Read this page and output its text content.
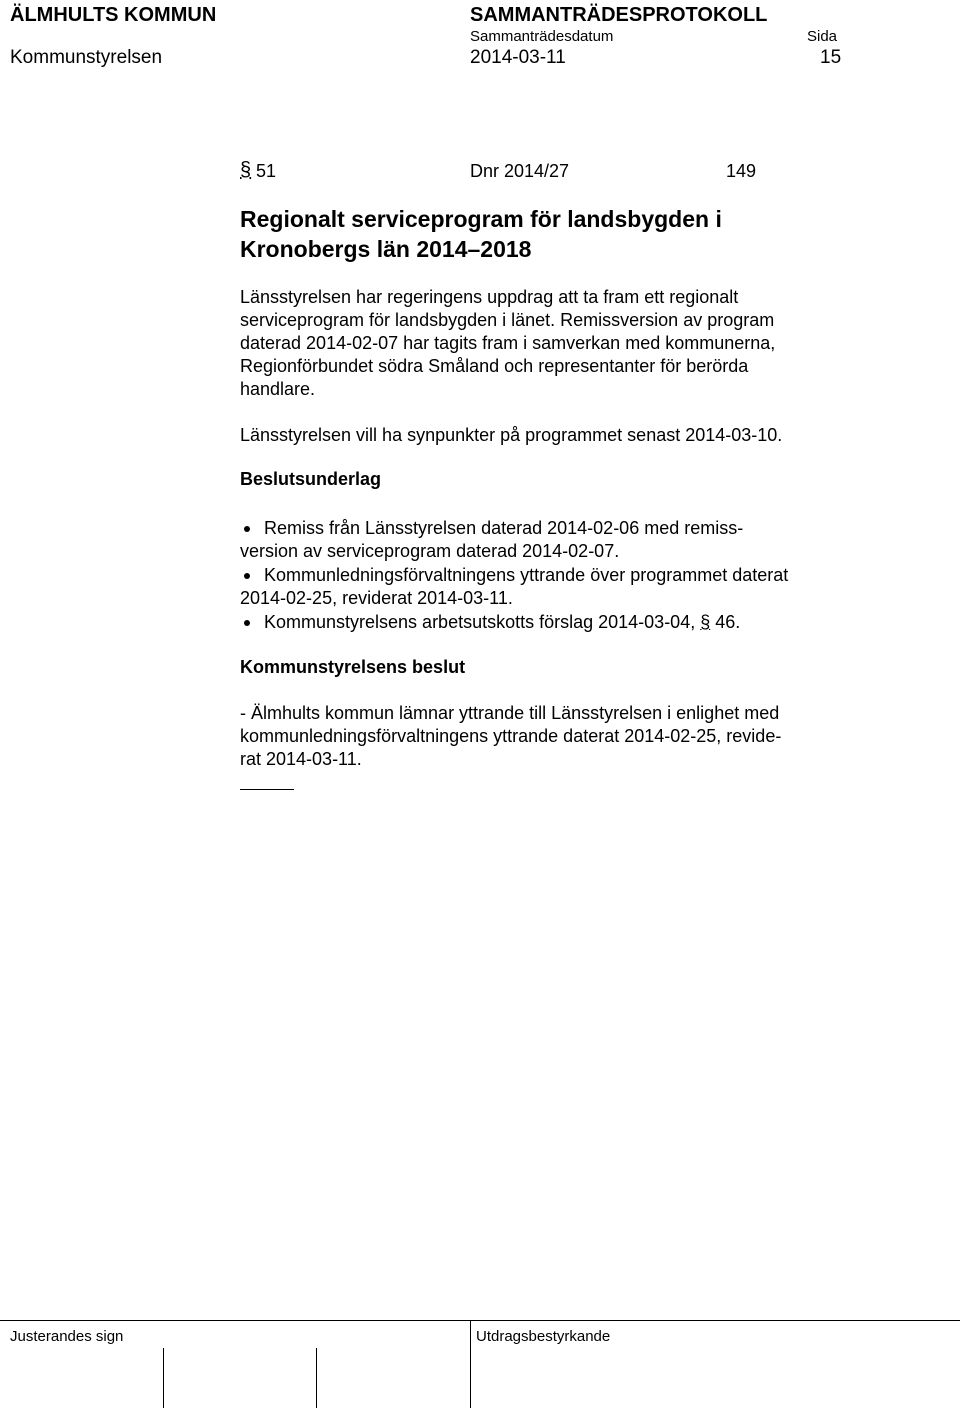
ÄLMHULTS KOMMUN	SAMMANTRÄDESPROTOKOLL
Sammanträdesdatum	Sida
Kommunstyrelsen	2014-03-11	15
§ 51	Dnr 2014/27	149
Regionalt serviceprogram för landsbygden i
Kronobergs län 2014–2018
Länsstyrelsen har regeringens uppdrag att ta fram ett regionalt
serviceprogram för landsbygden i länet. Remissversion av program
daterad 2014-02-07 har tagits fram i samverkan med kommunerna,
Regionförbundet södra Småland och representanter för berörda
handlare.
Länsstyrelsen vill ha synpunkter på programmet senast 2014-03-10.
Beslutsunderlag
Remiss från Länsstyrelsen daterad 2014-02-06 med remiss-
version av serviceprogram daterad 2014-02-07.
Kommunledningsförvaltningens yttrande över programmet daterat
2014-02-25, reviderat 2014-03-11.
Kommunstyrelsens arbetsutskotts förslag 2014-03-04, § 46.
Kommunstyrelsens beslut
- Älmhults kommun lämnar yttrande till Länsstyrelsen i enlighet med
kommunledningsförvaltningens yttrande daterat 2014-02-25, revide-
rat 2014-03-11.
Justerandes sign	Utdragsbestyrkande
